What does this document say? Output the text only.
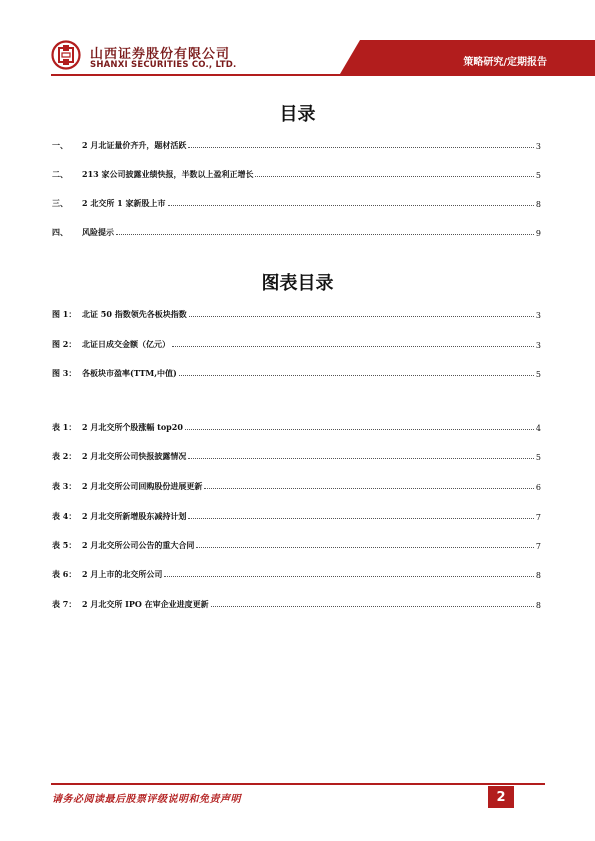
山西证券股份有限公司
SHANXI SECURITIES CO., LTD.	策略研究/定期报告
目录
一、 2 月北证量价齐升，题材活跃	3
二、 213 家公司披露业绩快报，半数以上盈利正增长	5
三、 2 北交所 1 家新股上市	8
四、 风险提示	9
图表目录
图 1： 北证 50 指数领先各板块指数	3
图 2： 北证日成交金额（亿元）	3
图 3： 各板块市盈率(TTM,中值)	5
表 1： 2 月北交所个股涨幅 top20	4
表 2： 2 月北交所公司快报披露情况	5
表 3： 2 月北交所公司回购股份进展更新	6
表 4： 2 月北交所新增股东减持计划	7
表 5： 2 月北交所公司公告的重大合同	7
表 6： 2 月上市的北交所公司	8
表 7： 2 月北交所 IPO 在审企业进度更新	8
请务必阅读最后股票评级说明和免责声明	2
